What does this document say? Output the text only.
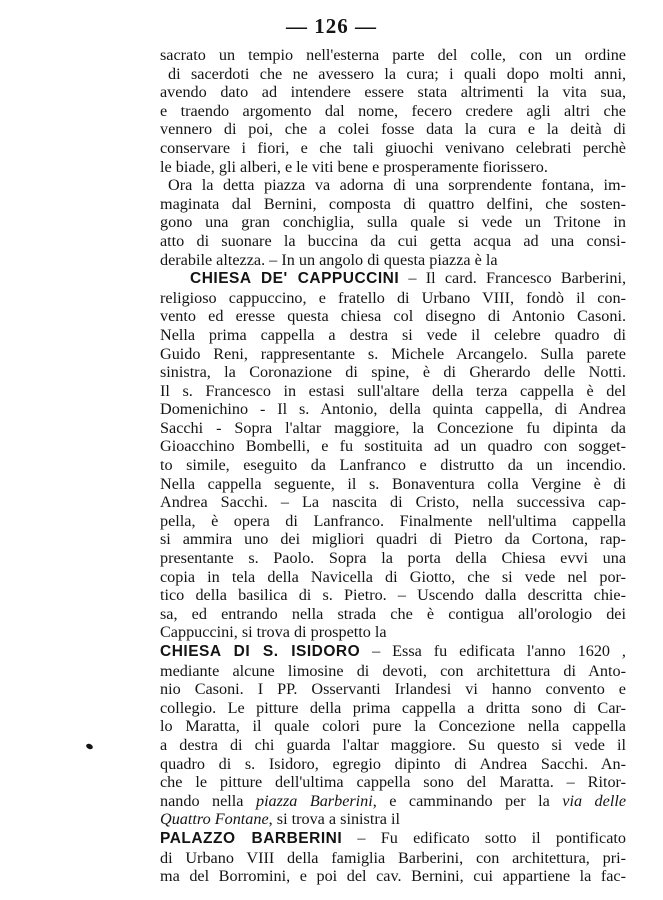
— 126 —
sacrato un tempio nell'esterna parte del colle, con un ordine
di sacerdoti che ne avessero la cura; i quali dopo molti anni,
avendo dato ad intendere essere stata altrimenti la vita sua,
e traendo argomento dal nome, fecero credere agli altri che
vennero di poi, che a colei fosse data la cura e la deità di
conservare i fiori, e che tali giuochi venivano celebrati perchè
le biade, gli alberi, e le viti bene e prosperamente fiorissero.
Ora la detta piazza va adorna di una sorprendente fontana, im-
maginata dal Bernini, composta di quattro delfini, che sosten-
gono una gran conchiglia, sulla quale si vede un Tritone in
atto di suonare la buccina da cui getta acqua ad una consi-
derabile altezza. – In un angolo di questa piazza è la
CHIESA DE' CAPPUCCINI – Il card. Francesco Barberini,
religioso cappuccino, e fratello di Urbano VIII, fondò il con-
vento ed eresse questa chiesa col disegno di Antonio Casoni.
Nella prima cappella a destra si vede il celebre quadro di
Guido Reni, rappresentante s. Michele Arcangelo. Sulla parete
sinistra, la Coronazione di spine, è di Gherardo delle Notti.
Il s. Francesco in estasi sull'altare della terza cappella è del
Domenichino - Il s. Antonio, della quinta cappella, di Andrea
Sacchi - Sopra l'altar maggiore, la Concezione fu dipinta da
Gioacchino Bombelli, e fu sostituita ad un quadro con sogget-
to simile, eseguito da Lanfranco e distrutto da un incendio.
Nella cappella seguente, il s. Bonaventura colla Vergine è di
Andrea Sacchi. – La nascita di Cristo, nella successiva cap-
pella, è opera di Lanfranco. Finalmente nell'ultima cappella
si ammira uno dei migliori quadri di Pietro da Cortona, rap-
presentante s. Paolo. Sopra la porta della Chiesa evvi una
copia in tela della Navicella di Giotto, che si vede nel por-
tico della basilica di s. Pietro. – Uscendo dalla descritta chie-
sa, ed entrando nella strada che è contigua all'orologio dei
Cappuccini, si trova di prospetto la
CHIESA DI S. ISIDORO – Essa fu edificata l'anno 1620 ,
mediante alcune limosine di devoti, con architettura di Anto-
nio Casoni. I PP. Osservanti Irlandesi vi hanno convento e
collegio. Le pitture della prima cappella a dritta sono di Car-
lo Maratta, il quale colori pure la Concezione nella cappella
a destra di chi guarda l'altar maggiore. Su questo si vede il
quadro di s. Isidoro, egregio dipinto di Andrea Sacchi. An-
che le pitture dell'ultima cappella sono del Maratta. – Ritor-
nando nella piazza Barberini, e camminando per la via delle
Quattro Fontane, si trova a sinistra il
PALAZZO BARBERINI – Fu edificato sotto il pontificato
di Urbano VIII della famiglia Barberini, con architettura, pri-
ma del Borromini, e poi del cav. Bernini, cui appartiene la fac-
